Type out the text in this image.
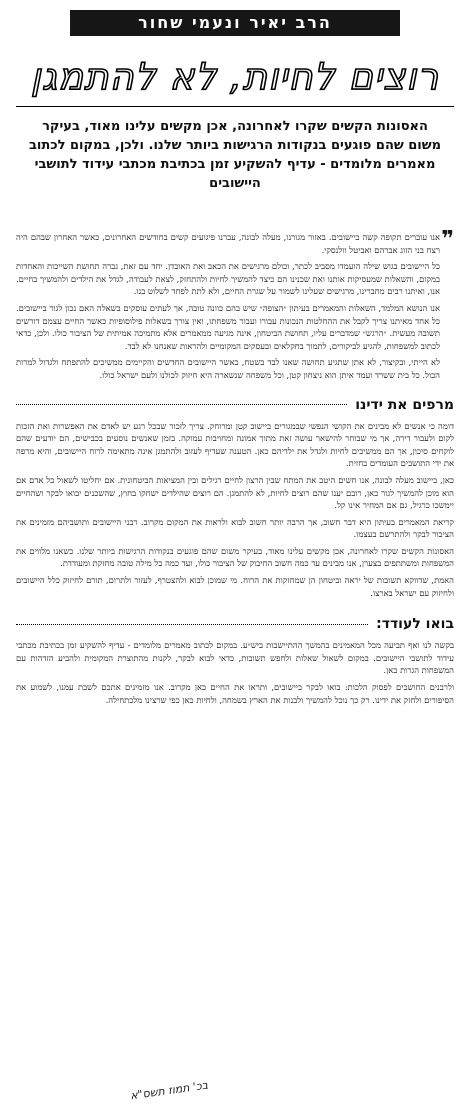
הרב יאיר ונעמי שחור
רוצים לחיות, לא להתמגן

האסונות הקשים שקרו לאחרונה, אכן מקשים עלינו מאוד, בעיקר משום שהם פוגעים בנקודות הרגישות ביותר שלנו. ולכן, במקום לכתוב מאמרים מלומדים - עדיף להשקיע זמן בכתיבת מכתבי עידוד לתושבי היישובים

❞

אנו עוברים תקופה קשה ביישובים. באזור מגורנו, מעלה לבונה, עברנו פיגועים קשים בחודשים האחרונים, כאשר האחרון שבהם היה רצח בני הזוג אברהם ואביטל וולנסקי.

כל היישובים בגוש שילה הועמדו מסביב לכתר, וכולם מרגישים את הכאב ואת האובדן. יחד עם זאת, גברה תחושת השייכות והאחדות במקום, והשאלות שמעסיקות אותנו ואת שכנינו הם כיצד להמשיך לחיות ולהתחזק, לצאת לעבודה, לגדל את הילדים ולהמשיך בחיים. אנו, ואיתנו רבים מחברינו, מרגישים שעלינו לשמור על שגרת החיים, ולא לתת לפחד לשלוט בנו.

אנו הנושא המלמד, השאלות והמאמרים בעיתון ״הצופה״ שיש בהם כוונה טובה, אך לעתים עוסקים בשאלה האם נכון לגור ביישובים. כל אחד מאיתנו צריך לקבל את ההחלטות הנכונות עבורו ועבור משפחתו, ואין צורך בשאלות פילוסופיות כאשר החיים עצמם דורשים תשובה מעשית. ״הרגש״ שמדברים עליו, תחושת הביטחון, אינה מגיעה ממאמרים אלא מתמיכה אמיתית של הציבור כולו. ולכן, כדאי לכתוב למשפחות, להגיע לביקורים, לתמוך בחקלאים ובעסקים המקומיים ולהראות שאנחנו לא לבד.

לא הייתי, ובקיצור, לא אתן שתגיע תחושה שאנו לבד בשטח, כאשר היישובים החדשים והקיימים ממשיכים להתפתח ולגדול למרות הכול. כל בית ששרד ועמד איתן הוא ניצחון קטן, וכל משפחה שנשארה היא חיזוק לכולנו ולעם ישראל כולו.

מרפים את ידינו

דומה כי אנשים לא מבינים את הקושי הנפשי שבמגורים ביישוב קטן ומרוחק. צריך לזכור שבכל רגע יש לאדם את האפשרות ואת הזכות לקום ולעבור דירה, אך מי שבוחר להישאר עושה זאת מתוך אמונה ומחויבות עמוקה. בזמן שאנשים נוסעים בכבישים, הם יודעים שהם לוקחים סיכון, אך הם ממשיכים לחיות ולגדל את ילדיהם כאן. הטענה שעדיף לעזוב ולהתמגן אינה מתאימה לרוח היישובים, והיא מרפה את ידי התושבים העומדים בחזית.

כאן, ביישוב מעלה לבונה, אנו חשים היטב את המתח שבין הרצון לחיים רגילים ובין המציאות הביטחונית. אם יחליטו לשאול כל אדם אם הוא מוכן להמשיך לגור כאן, רובם יענו שהם רוצים לחיות, לא להתמגן. הם רוצים שהילדים ישחקו בחוץ, שהשכנים יבואו לבקר ושהחיים יימשכו כרגיל, גם אם המחיר אינו קל.

קריאת המאמרים בעיתון היא דבר חשוב, אך הרבה יותר חשוב לבוא ולראות את המקום מקרוב. רבני היישובים ותושביהם מזמינים את הציבור לבקר ולהתרשם בעצמו.

האסונות הקשים שקרו לאחרונה, אכן מקשים עלינו מאוד, בעיקר משום שהם פוגעים בנקודות הרגישות ביותר שלנו. כשאנו מלווים את המשפחות ומשתתפים בצערן, אנו מבינים עד כמה חשוב החיבוק של הציבור כולו, ועד כמה כל מילה טובה מחזקת ומעודדת.

האמת, שדווקא תשובות של יראה וביטחון הן שמחזקות את הרוח. מי שמוכן לבוא ולהצטרף, לעזור ולתרום, תורם לחיזוק כלל היישובים ולחיזוק עם ישראל בארצו.

בואו לעודד:

בקשה לנו ואף תביעה מכל המאמינים בהמשך ההתיישבות ביש״ע. במקום לכתוב מאמרים מלומדים - עדיף להשקיע זמן בכתיבת מכתבי עידוד לתושבי היישובים. במקום לשאול שאלות ולחפש תשובות, כדאי לבוא לבקר, לקנות מהתוצרת המקומית ולהביע הזדהות עם המשפחות הגרות כאן.

ולרבנים החושבים לפסוק הלכות: בואו לבקר ביישובים, ותראו את החיים כאן מקרוב. אנו מזמינים אתכם לשבת עמנו, לשמוע את הסיפורים ולחזק את ידינו. רק כך נוכל להמשיך ולבנות את הארץ בשמחה, ולחיות כאן כפי שרצינו מלכתחילה.

בכ' תמוז תשס"א
